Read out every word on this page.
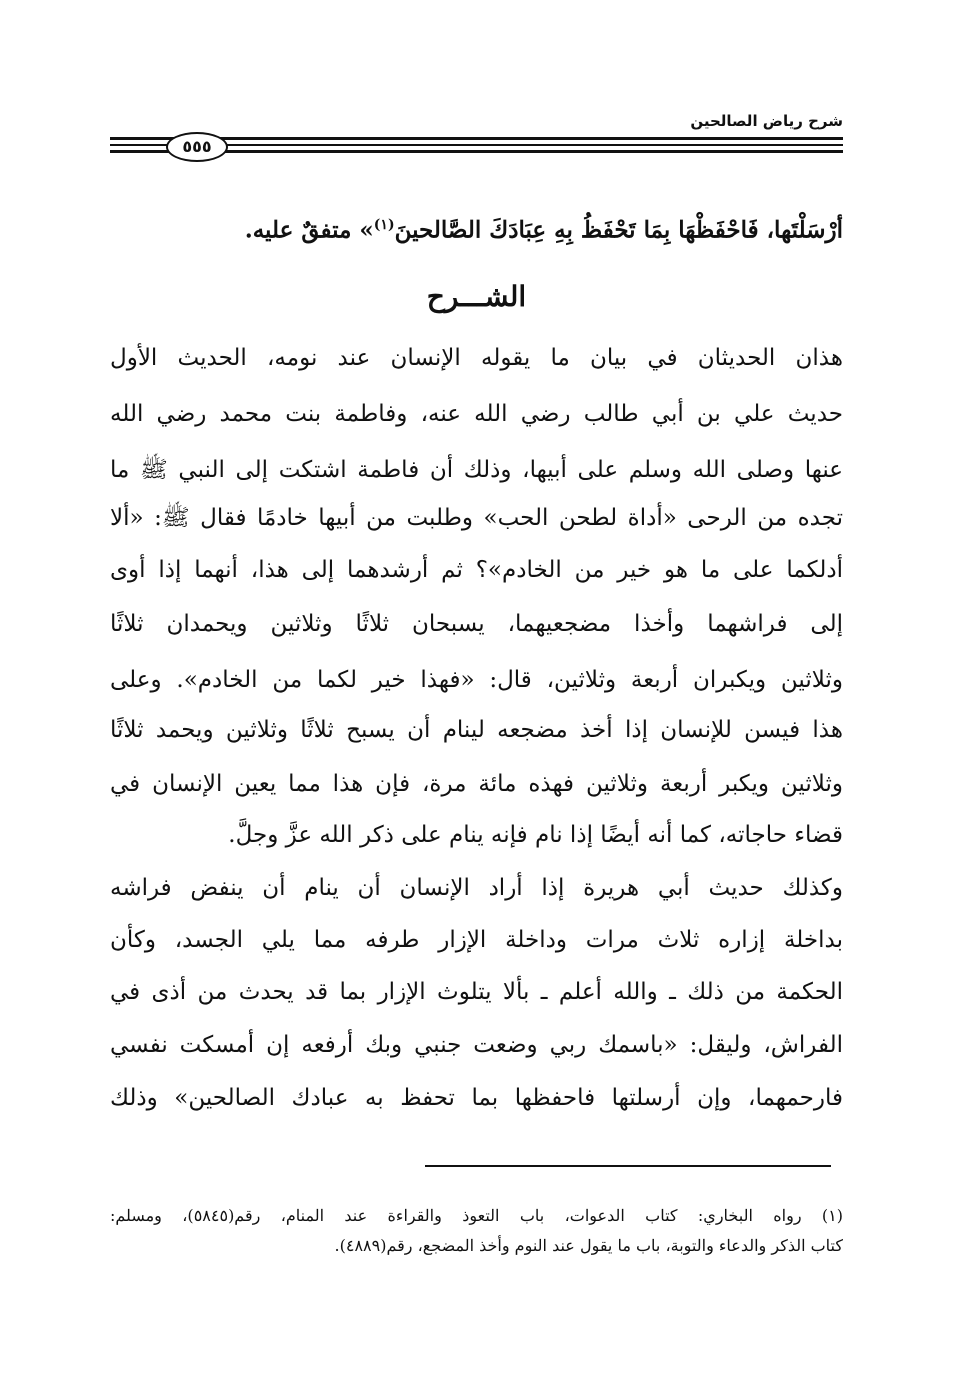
شرح رياض الصالحين
٥٥٥
أرْسَلْتَها، فَاحْفَظْهَا بِمَا تَحْفَظُ بِهِ عِبَادَكَ الصَّالحينَ$^{(١)}$» متفقٌ عليه.
الشـــرح
هذان الحديثان في بيان ما يقوله الإنسان عند نومه، الحديث الأول
حديث علي بن أبي طالب رضي الله عنه، وفاطمة بنت محمد رضي الله
عنها وصلى الله وسلم على أبيها، وذلك أن فاطمة اشتكت إلى النبي ﷺ ما
تجده من الرحى «أداة لطحن الحب» وطلبت من أبيها خادمًا فقال ﷺ: «ألا
أدلكما على ما هو خير من الخادم»؟ ثم أرشدهما إلى هذا، أنهما إذا أوى
إلى فراشهما وأخذا مضجعيهما، يسبحان ثلاثًا وثلاثين ويحمدان ثلاثًا
وثلاثين ويكبران أربعة وثلاثين، قال: «فهذا خير لكما من الخادم». وعلى
هذا فيسن للإنسان إذا أخذ مضجعه لينام أن يسبح ثلاثًا وثلاثين ويحمد ثلاثًا
وثلاثين ويكبر أربعة وثلاثين فهذه مائة مرة، فإن هذا مما يعين الإنسان في
قضاء حاجاته، كما أنه أيضًا إذا نام فإنه ينام على ذكر الله عزَّ وجلَّ.
وكذلك حديث أبي هريرة إذا أراد الإنسان أن ينام أن ينفض فراشه
بداخلة إزاره ثلاث مرات وداخلة الإزار طرفه مما يلي الجسد، وكأن
الحكمة من ذلك ـ والله أعلم ـ بألا يتلوث الإزار بما قد يحدث من أذى في
الفراش، وليقل: «باسمك ربي وضعت جنبي وبك أرفعه إن أمسكت نفسي
فارحمهما، وإن أرسلتها فاحفظها بما تحفظ به عبادك الصالحين» وذلك
(١) رواه البخاري: كتاب الدعوات، باب التعوذ والقراءة عند المنام، رقم(٥٨٤٥)، ومسلم:
كتاب الذكر والدعاء والتوبة، باب ما يقول عند النوم وأخذ المضجع، رقم(٤٨٨٩).
